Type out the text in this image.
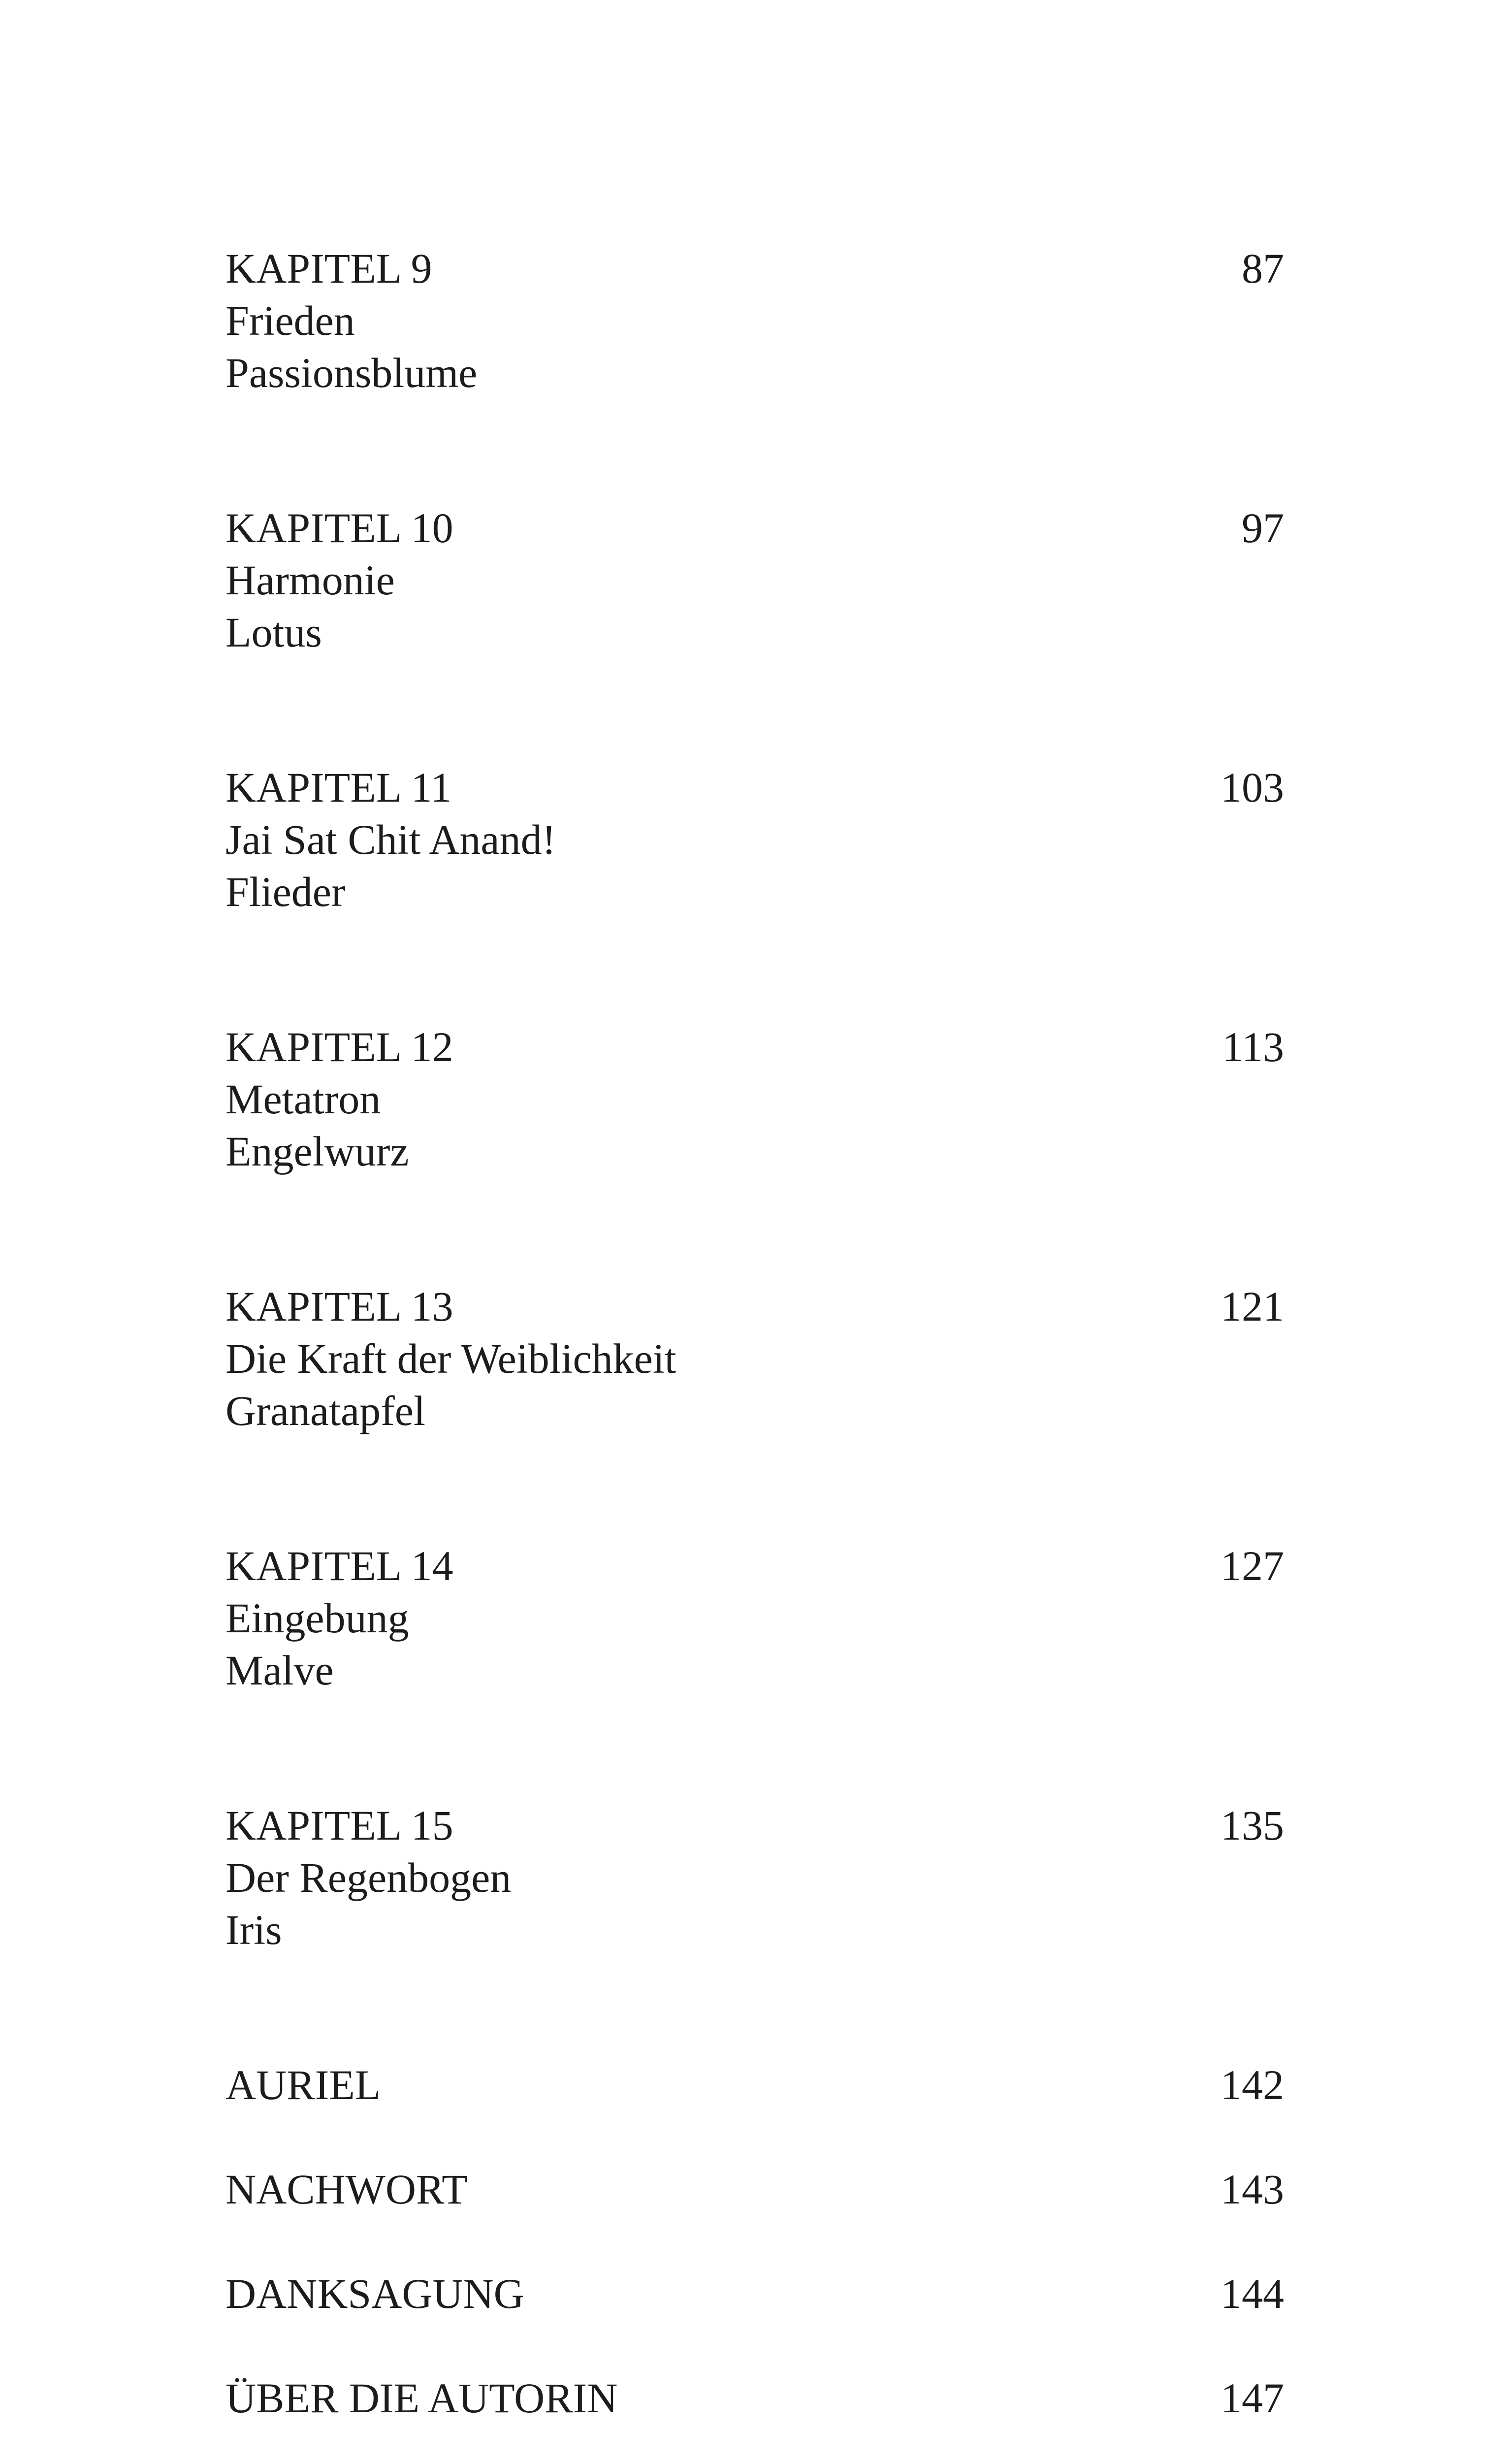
KAPITEL 9	87
Frieden
Passionsblume
KAPITEL 10	97
Harmonie
Lotus
KAPITEL 11	103
Jai Sat Chit Anand!
Flieder
KAPITEL 12	113
Metatron
Engelwurz
KAPITEL 13	121
Die Kraft der Weiblichkeit
Granatapfel
KAPITEL 14	127
Eingebung
Malve
KAPITEL 15	135
Der Regenbogen
Iris
AURIEL	142
NACHWORT	143
DANKSAGUNG	144
ÜBER DIE AUTORIN	147
